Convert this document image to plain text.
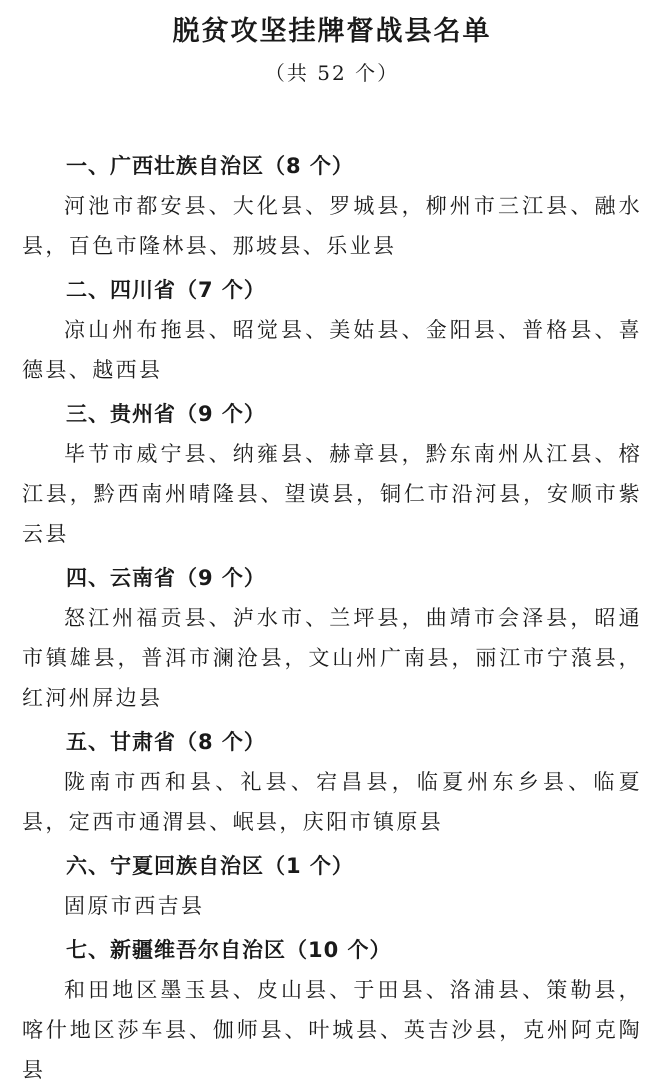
脱贫攻坚挂牌督战县名单
（共 52 个）

一、广西壮族自治区（8 个）

河池市都安县、大化县、罗城县，柳州市三江县、融水县，百色市隆林县、那坡县、乐业县

二、四川省（7 个）

凉山州布拖县、昭觉县、美姑县、金阳县、普格县、喜德县、越西县

三、贵州省（9 个）

毕节市威宁县、纳雍县、赫章县，黔东南州从江县、榕江县，黔西南州晴隆县、望谟县，铜仁市沿河县，安顺市紫云县

四、云南省（9 个）

怒江州福贡县、泸水市、兰坪县，曲靖市会泽县，昭通市镇雄县，普洱市澜沧县，文山州广南县，丽江市宁蒗县，红河州屏边县

五、甘肃省（8 个）

陇南市西和县、礼县、宕昌县，临夏州东乡县、临夏县，定西市通渭县、岷县，庆阳市镇原县

六、宁夏回族自治区（1 个）

固原市西吉县

七、新疆维吾尔自治区（10 个）

和田地区墨玉县、皮山县、于田县、洛浦县、策勒县，喀什地区莎车县、伽师县、叶城县、英吉沙县，克州阿克陶县
